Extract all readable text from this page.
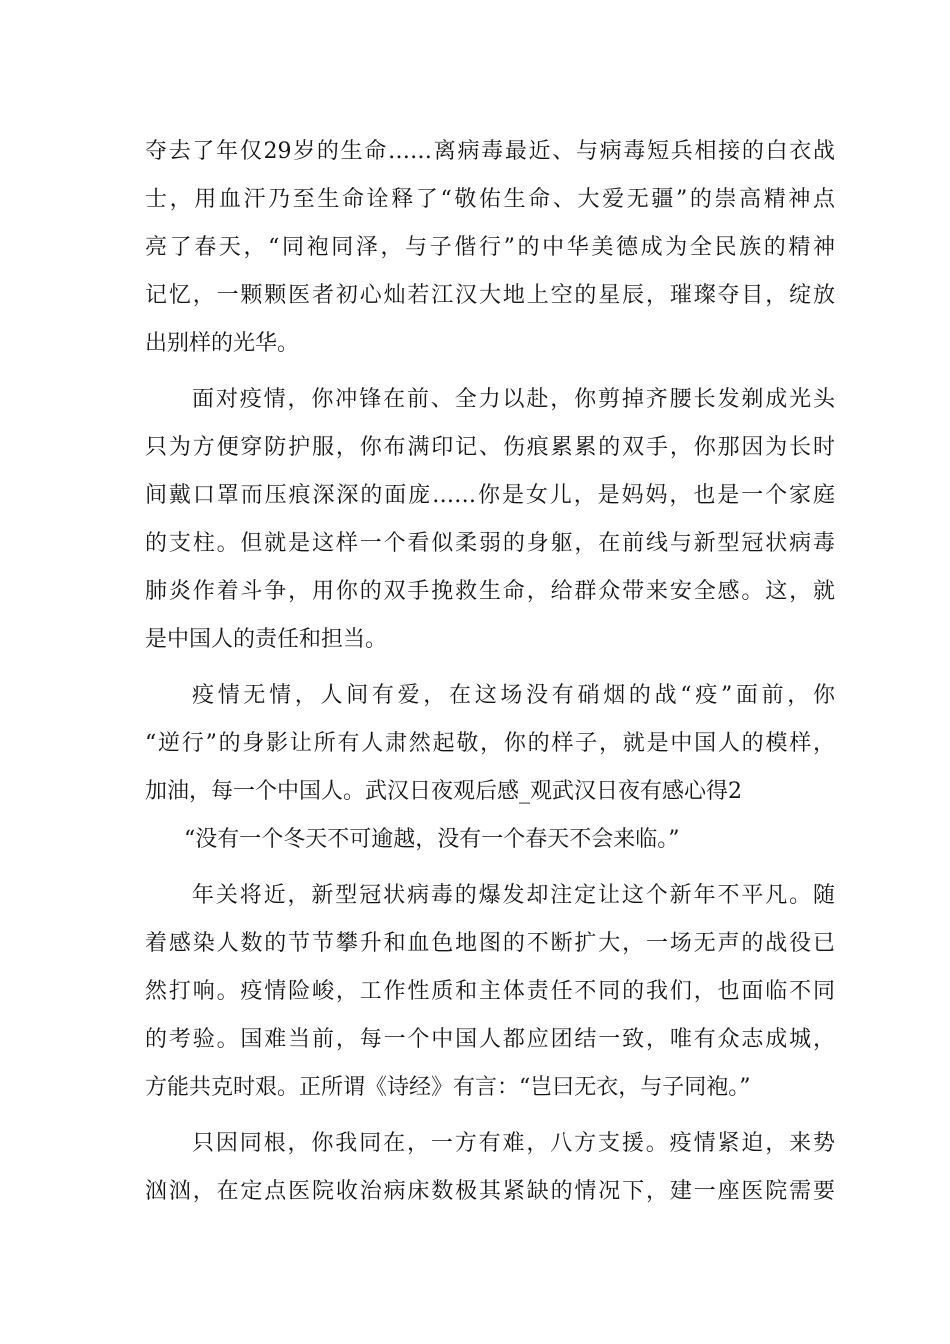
夺去了年仅29岁的生命……离病毒最近、与病毒短兵相接的白衣战

士，用血汗乃至生命诠释了“敬佑生命、大爱无疆”的崇高精神点

亮了春天，“同袍同泽，与子偕行”的中华美德成为全民族的精神

记忆，一颗颗医者初心灿若江汉大地上空的星辰，璀璨夺目，绽放

出别样的光华。

面对疫情，你冲锋在前、全力以赴，你剪掉齐腰长发剃成光头

只为方便穿防护服，你布满印记、伤痕累累的双手，你那因为长时

间戴口罩而压痕深深的面庞……你是女儿，是妈妈，也是一个家庭

的支柱。但就是这样一个看似柔弱的身躯，在前线与新型冠状病毒

肺炎作着斗争，用你的双手挽救生命，给群众带来安全感。这，就

是中国人的责任和担当。

疫情无情，人间有爱，在这场没有硝烟的战“疫”面前，你

“逆行”的身影让所有人肃然起敬，你的样子，就是中国人的模样，

加油，每一个中国人。武汉日夜观后感_观武汉日夜有感心得2

“没有一个冬天不可逾越，没有一个春天不会来临。”

年关将近，新型冠状病毒的爆发却注定让这个新年不平凡。随

着感染人数的节节攀升和血色地图的不断扩大，一场无声的战役已

然打响。疫情险峻，工作性质和主体责任不同的我们，也面临不同

的考验。国难当前，每一个中国人都应团结一致，唯有众志成城，

方能共克时艰。正所谓《诗经》有言：“岂曰无衣，与子同袍。”

只因同根，你我同在，一方有难，八方支援。疫情紧迫，来势

汹汹，在定点医院收治病床数极其紧缺的情况下，建一座医院需要
